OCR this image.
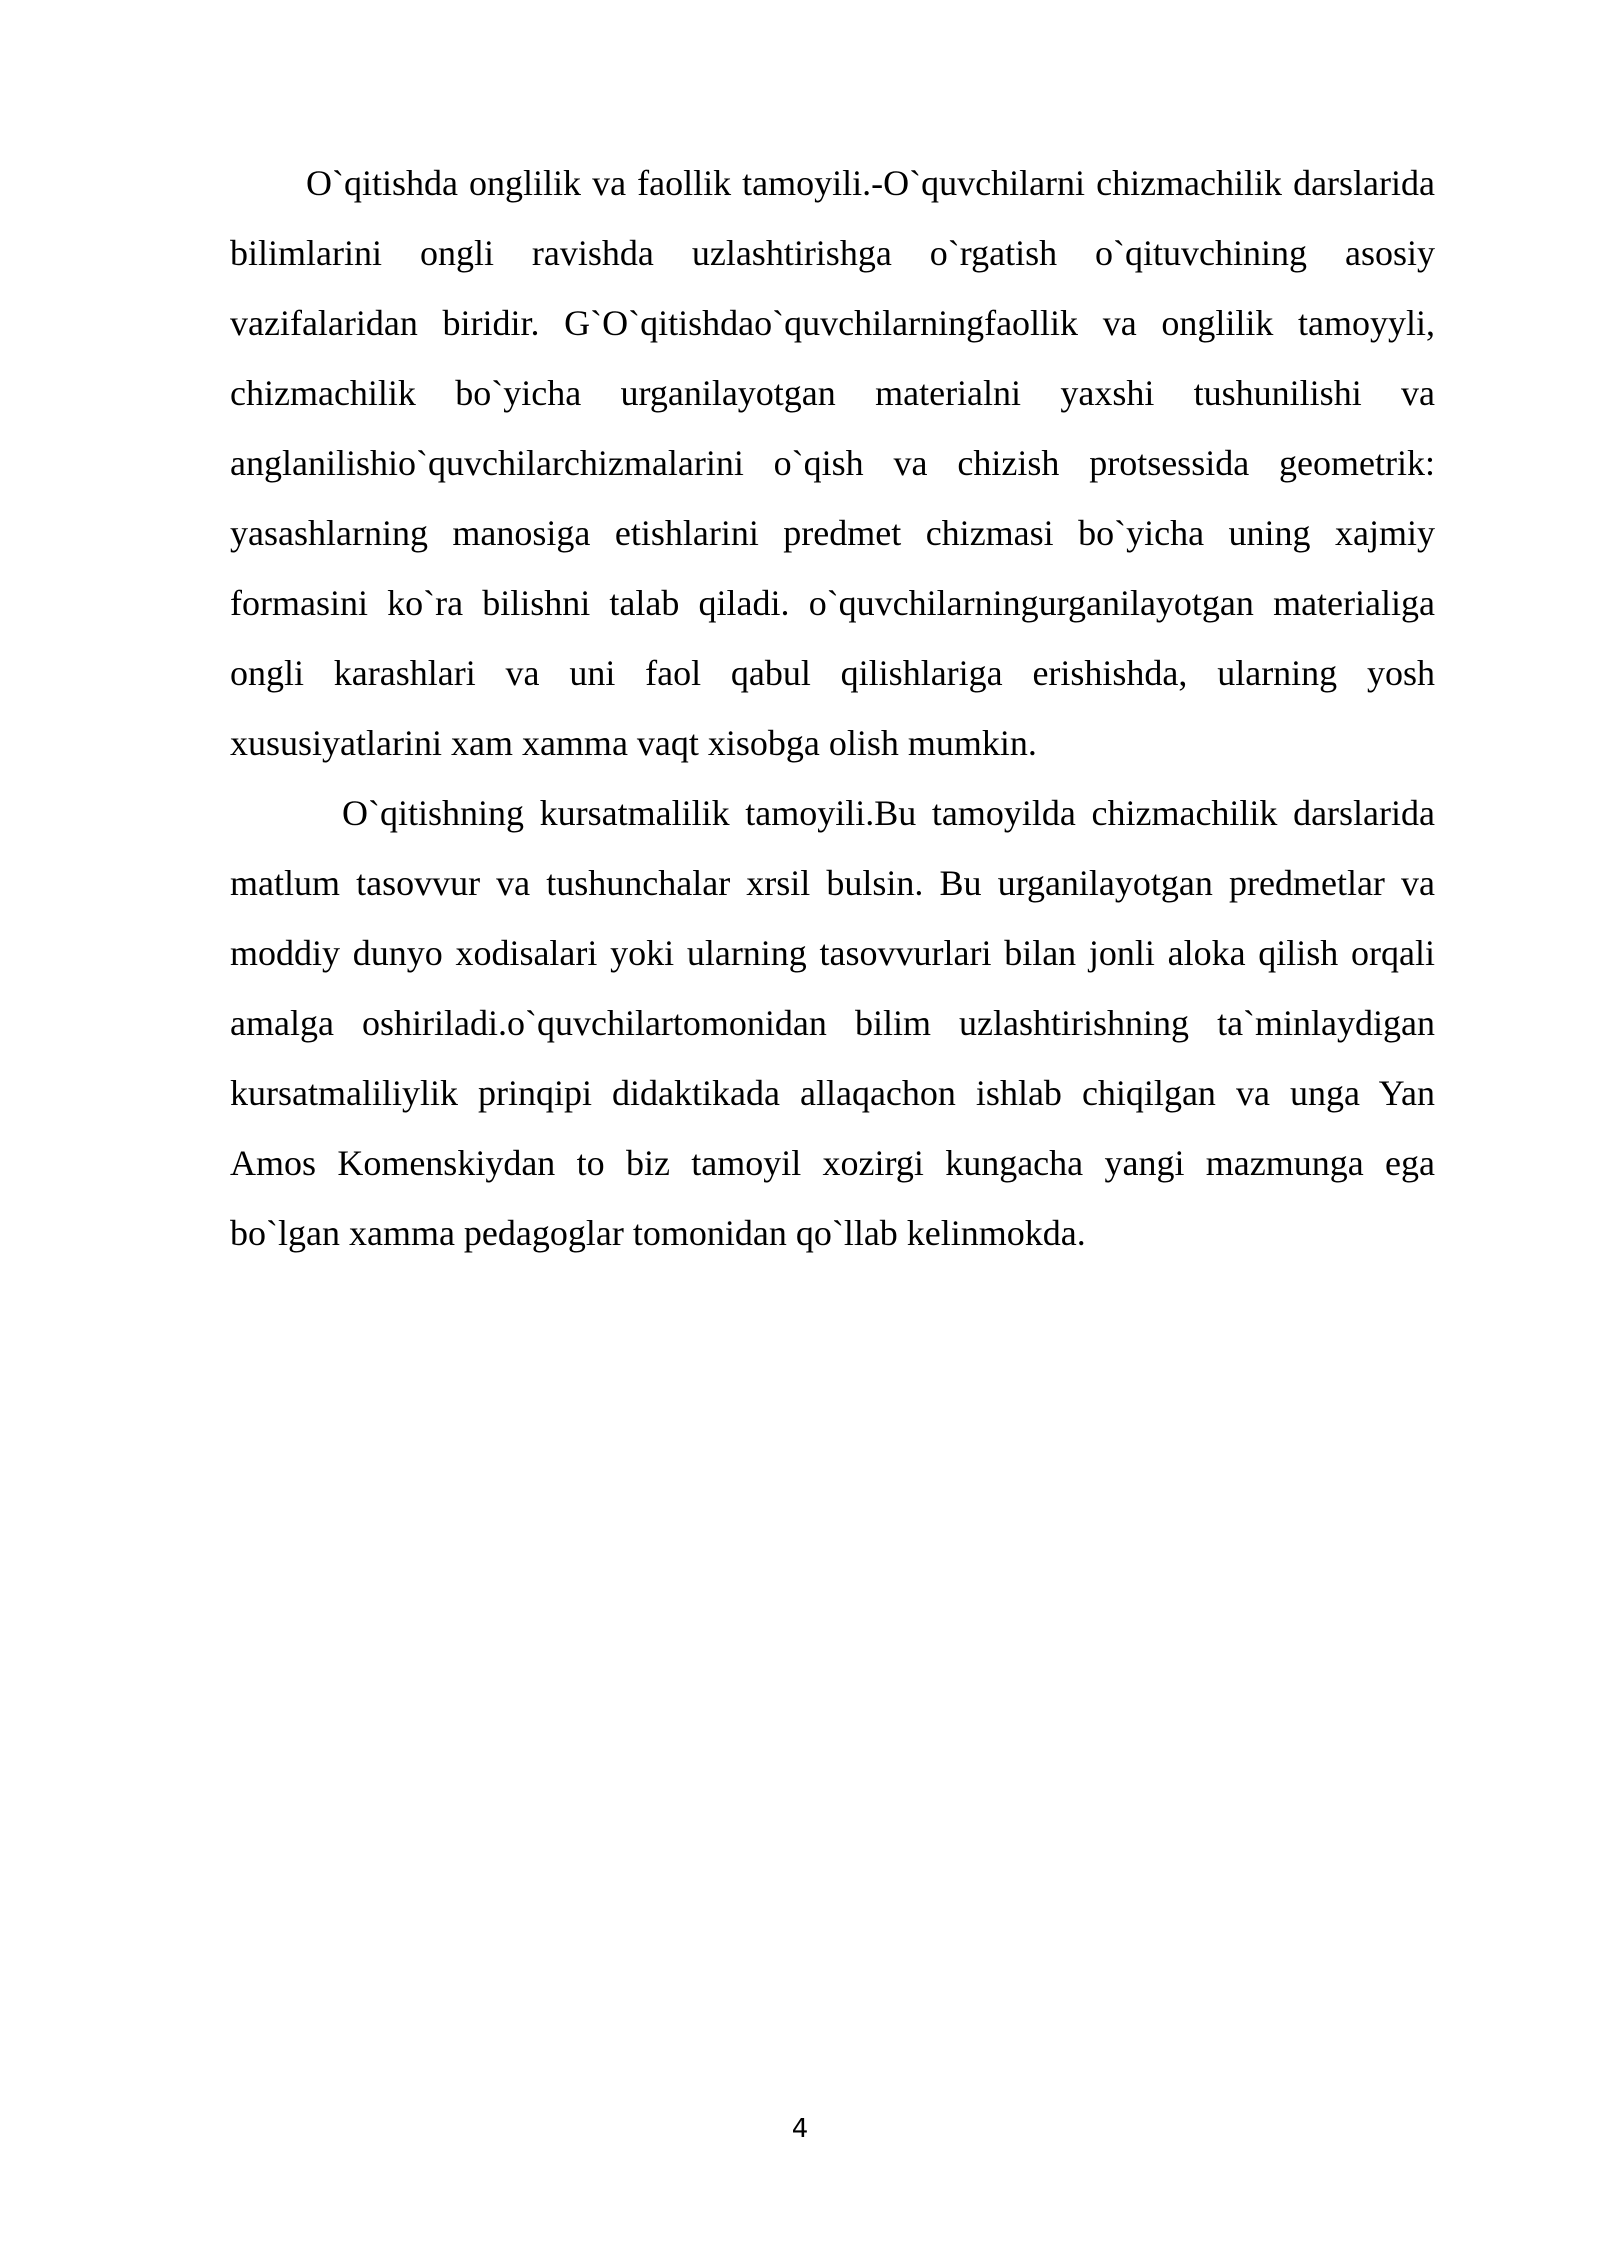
O`qitishda onglilik va faollik tamoyili.-O`quvchilarni chizmachilik darslarida bilimlarini ongli ravishda uzlashtirishga o`rgatish o`qituvchining asosiy vazifalaridan biridir. G`O`qitishdao`quvchilarningfaollik va onglilik tamoyyli, chizmachilik bo`yicha urganilayotgan materialni yaxshi tushunilishi va anglanilishio`quvchilarchizmalarini o`qish va chizish protsessida geometrik: yasashlarning manosiga etishlarini predmet chizmasi bo`yicha uning xajmiy formasini ko`ra bilishni talab qiladi. o`quvchilarningurganilayotgan materialiga ongli karashlari va uni faol qabul qilishlariga erishishda, ularning yosh xususiyatlarini xam xamma vaqt xisobga olish mumkin.

O`qitishning kursatmalilik tamoyili.Bu tamoyilda chizmachilik darslarida matlum tasovvur va tushunchalar xrsil bulsin. Bu urganilayotgan predmetlar va moddiy dunyo xodisalari yoki ularning tasovvurlari bilan jonli aloka qilish orqali amalga oshiriladi.o`quvchilartomonidan bilim uzlashtirishning ta`minlaydigan kursatmaliliylik prinqipi didaktikada allaqachon ishlab chiqilgan va unga Yan Amos Komenskiydan to biz tamoyil xozirgi kungacha yangi mazmunga ega bo`lgan xamma pedagoglar tomonidan qo`llab kelinmokda.

4
